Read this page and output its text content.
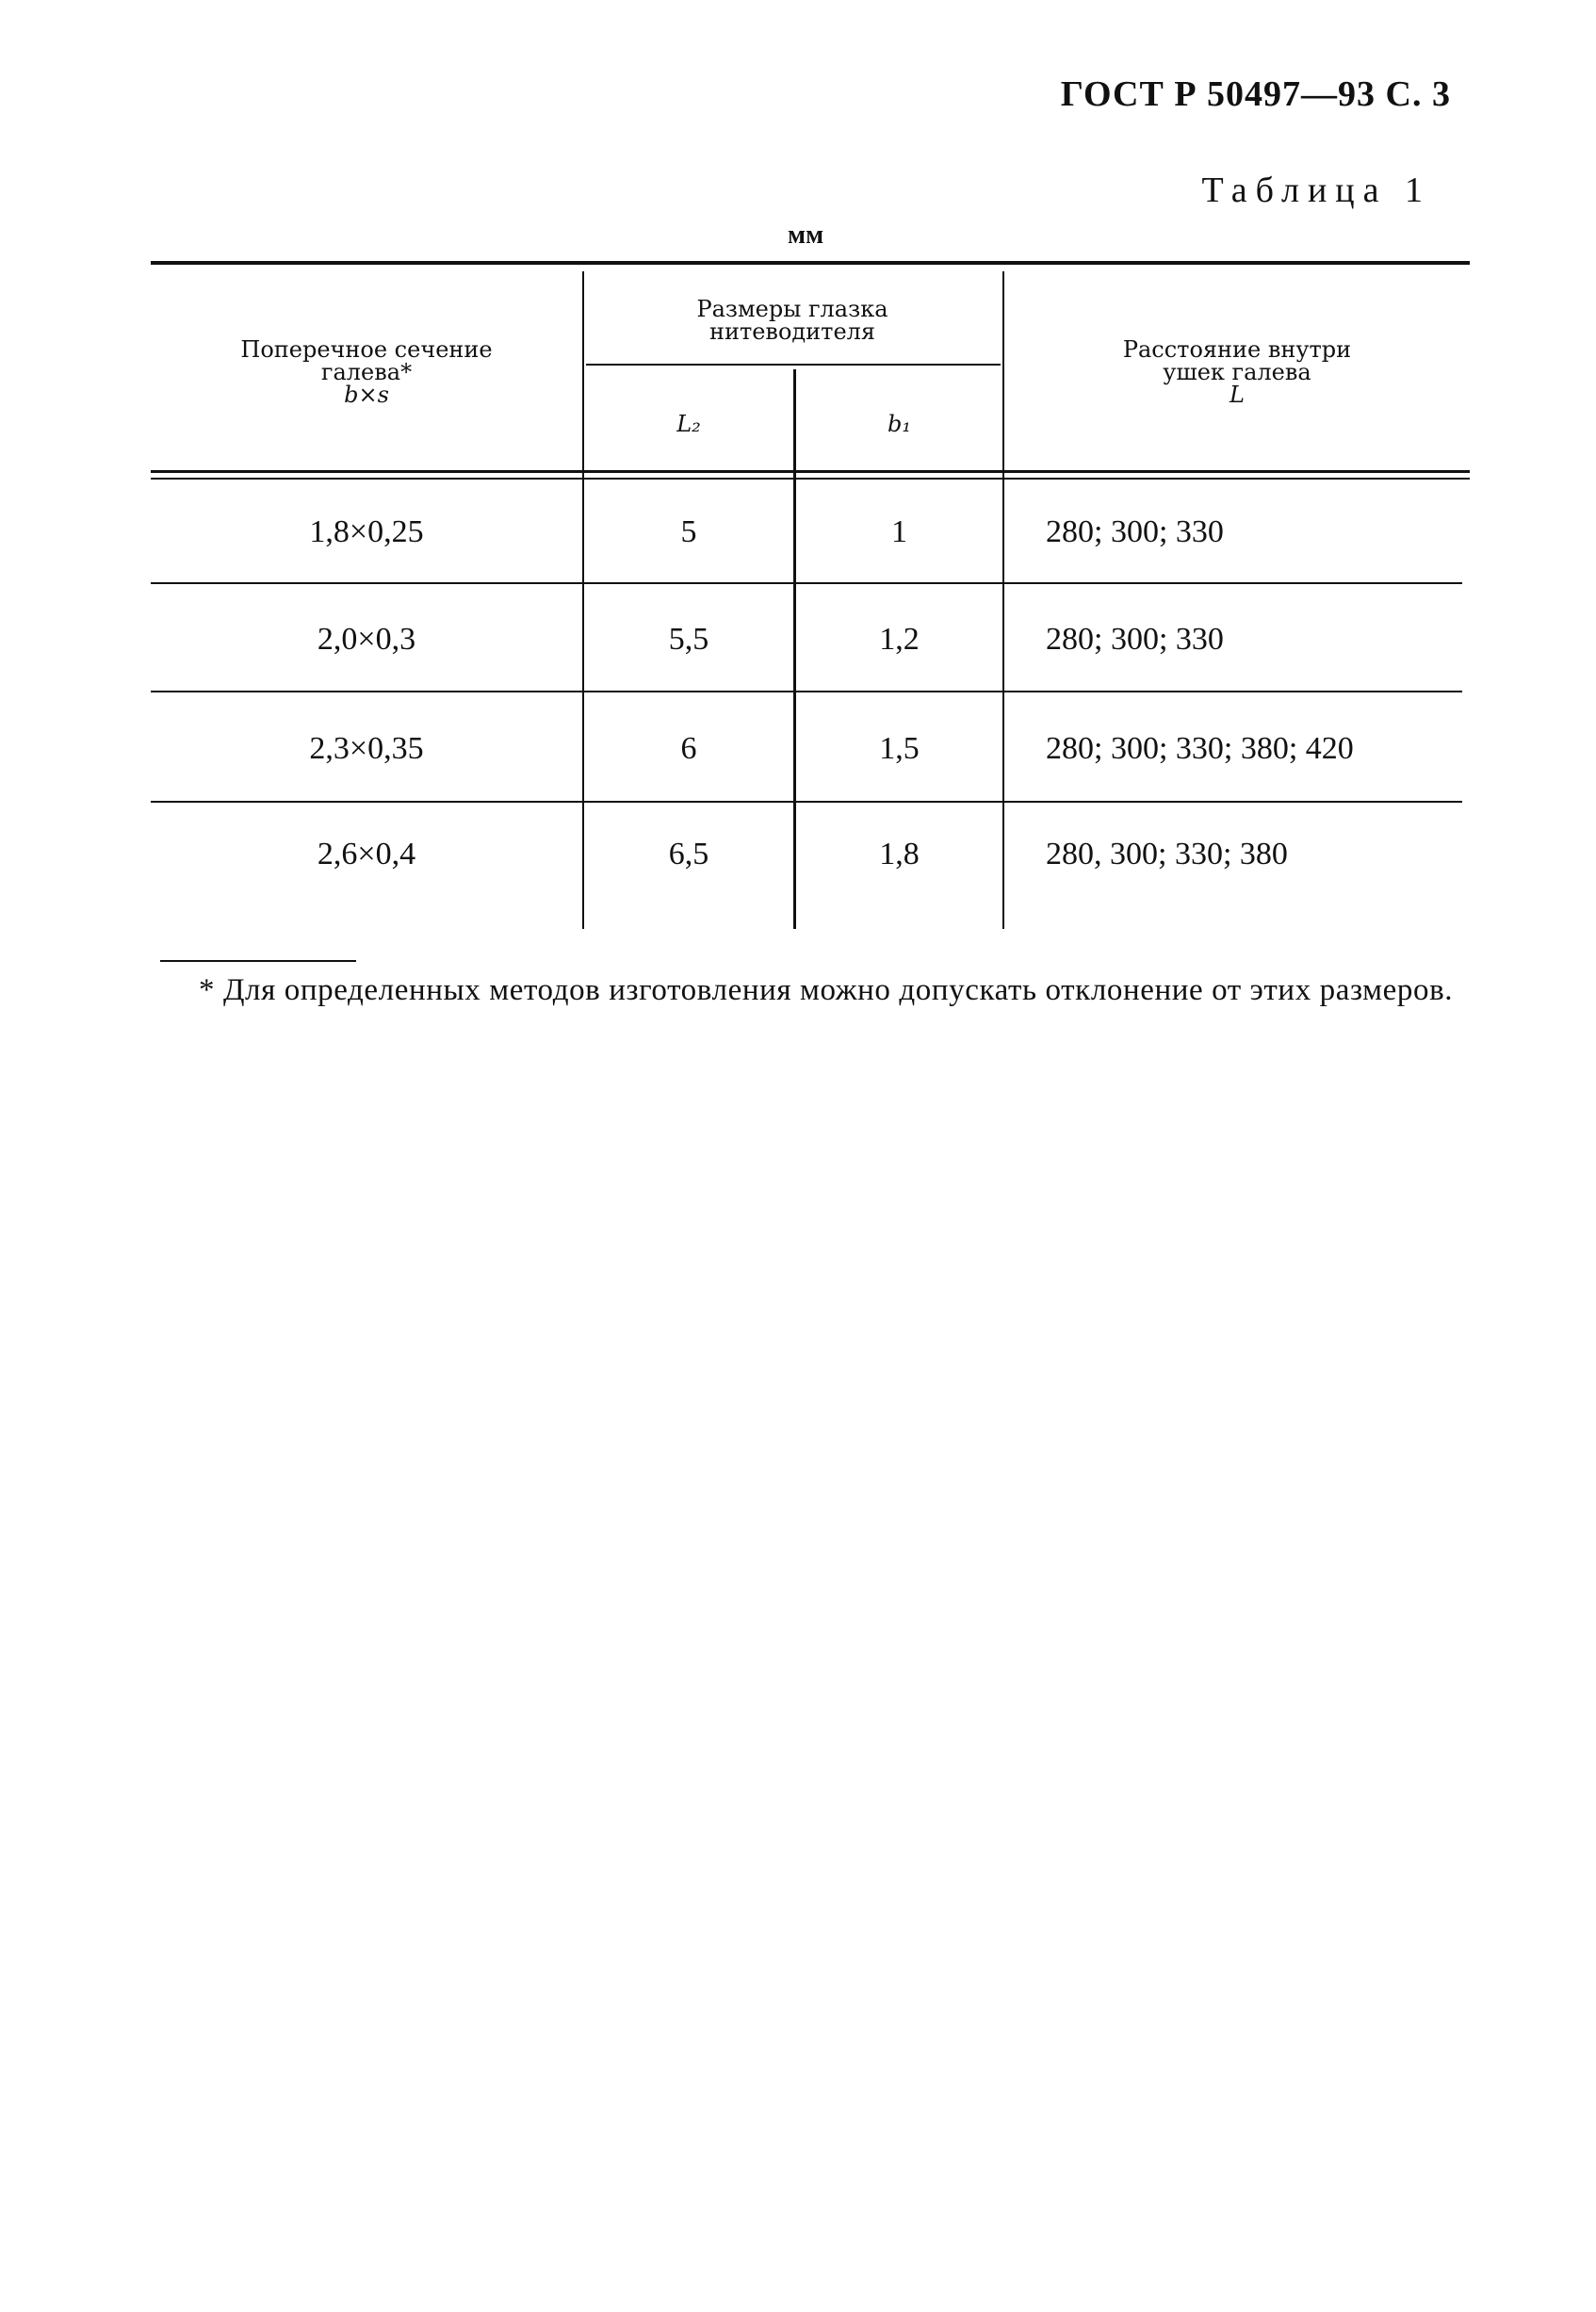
ГОСТ Р 50497—93 С. 3
Таблица 1
мм
Поперечное сечение
галева*
b×s
Размеры глазка
нитеводителя
L₂	b₁
Расстояние внутри
ушек галева
L
1,8×0,25	5	1	280; 300; 330
2,0×0,3	5,5	1,2	280; 300; 330
2,3×0,35	6	1,5	280; 300; 330; 380; 420
2,6×0,4	6,5	1,8	280, 300; 330; 380
* Для определенных методов изготовления можно допускать отклонение от этих размеров.
